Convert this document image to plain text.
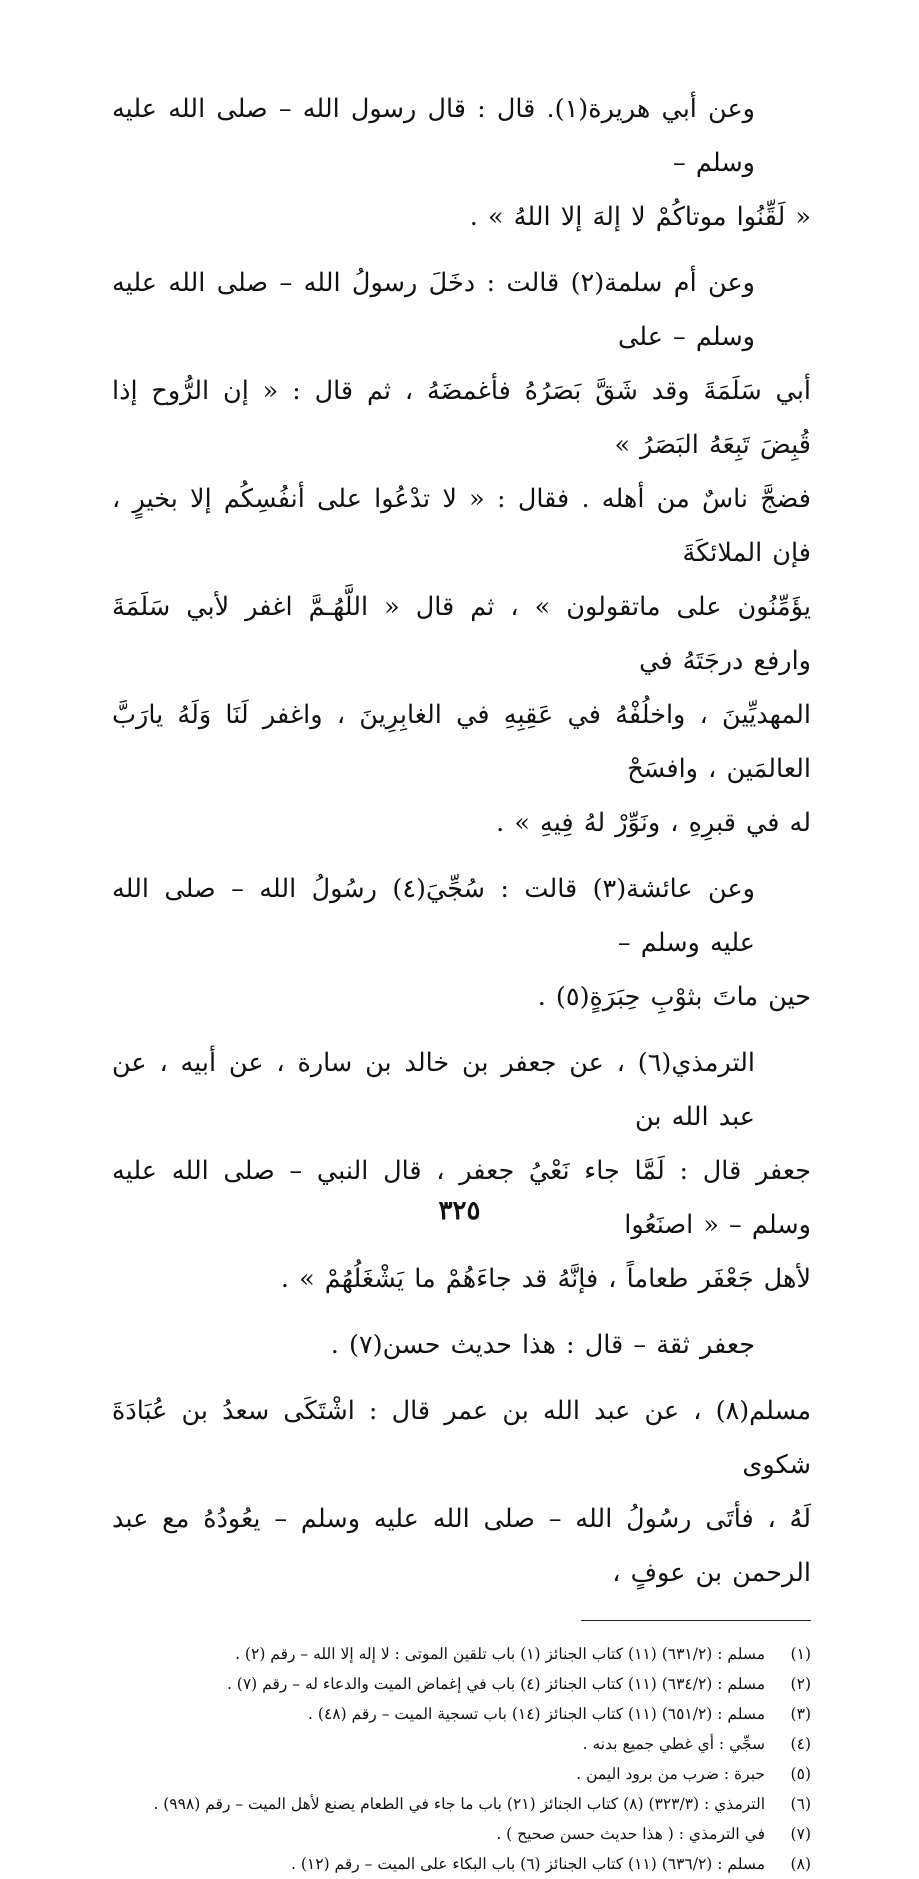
وعن أبي هريرة(١). قال : قال رسول الله – صلى الله عليه وسلم –
« لَقِّنُوا موتاكُمْ لا إلهَ إلا اللهُ » .
وعن أم سلمة(٢) قالت : دخَلَ رسولُ الله – صلى الله عليه وسلم – على
أبي سَلَمَةَ وقد شَقَّ بَصَرُهُ فأغمضَهُ ، ثم قال : « إن الرُّوح إذا قُبِضَ تَبِعَهُ البَصَرُ »
فضجَّ ناسٌ من أهله . فقال : « لا تدْعُوا على أنفُسِكُم إلا بخيرٍ ، فإن الملائكَةَ
يؤَمِّنُون على ماتقولون » ، ثم قال « اللَّهُـمَّ اغفر لأبي سَلَمَةَ وارفع درجَتَهُ في
المهديِّينَ ، واخلُفْهُ في عَقِبِهِ في الغابِرِينَ ، واغفر لَنَا وَلَهُ يارَبَّ العالمَين ، وافسَحْ
له في قبرِهِ ، ونَوِّرْ لهُ فِيهِ » .
وعن عائشة(٣) قالت : سُجِّيَ(٤) رسُولُ الله – صلى الله عليه وسلم –
حين ماتَ بثوْبِ حِبَرَةٍ(٥) .
الترمذي(٦) ، عن جعفر بن خالد بن سارة ، عن أبيه ، عن عبد الله بن
جعفر قال : لَمَّا جاء نَعْيُ جعفر ، قال النبي – صلى الله عليه وسلم – « اصنَعُوا
لأهل جَعْفَر طعاماً ، فإنَّهُ قد جاءَهُمْ ما يَشْغَلُهُمْ » .
جعفر ثقة – قال : هذا حديث حسن(٧) .
مسلم(٨) ، عن عبد الله بن عمر قال : اشْتَكَى سعدُ بن عُبَادَةَ شكوى
لَهُ ، فأتَى رسُولُ الله – صلى الله عليه وسلم – يعُودُهُ مع عبد الرحمن بن عوفٍ ،
(١)
مسلم : (٦٣١/٢) (١١) كتاب الجنائز (١) باب تلقين الموتى : لا إله إلا الله – رقم (٢) .
(٢)
مسلم : (٦٣٤/٢) (١١) كتاب الجنائز (٤) باب في إغماض الميت والدعاء له – رقم (٧) .
(٣)
مسلم : (٦٥١/٢) (١١) كتاب الجنائز (١٤) باب تسجية الميت – رقم (٤٨) .
(٤)
سجِّي : أي غطي جميع بدنه .
(٥)
حبرة : ضرب من برود اليمن .
(٦)
الترمذي : (٣٢٣/٣) (٨) كتاب الجنائز (٢١) باب ما جاء في الطعام يصنع لأهل الميت – رقم (٩٩٨) .
(٧)
في الترمذي : ( هذا حديث حسن صحيح ) .
(٨)
مسلم : (٦٣٦/٢) (١١) كتاب الجنائز (٦) باب البكاء على الميت – رقم (١٢) .
٣٢٥
